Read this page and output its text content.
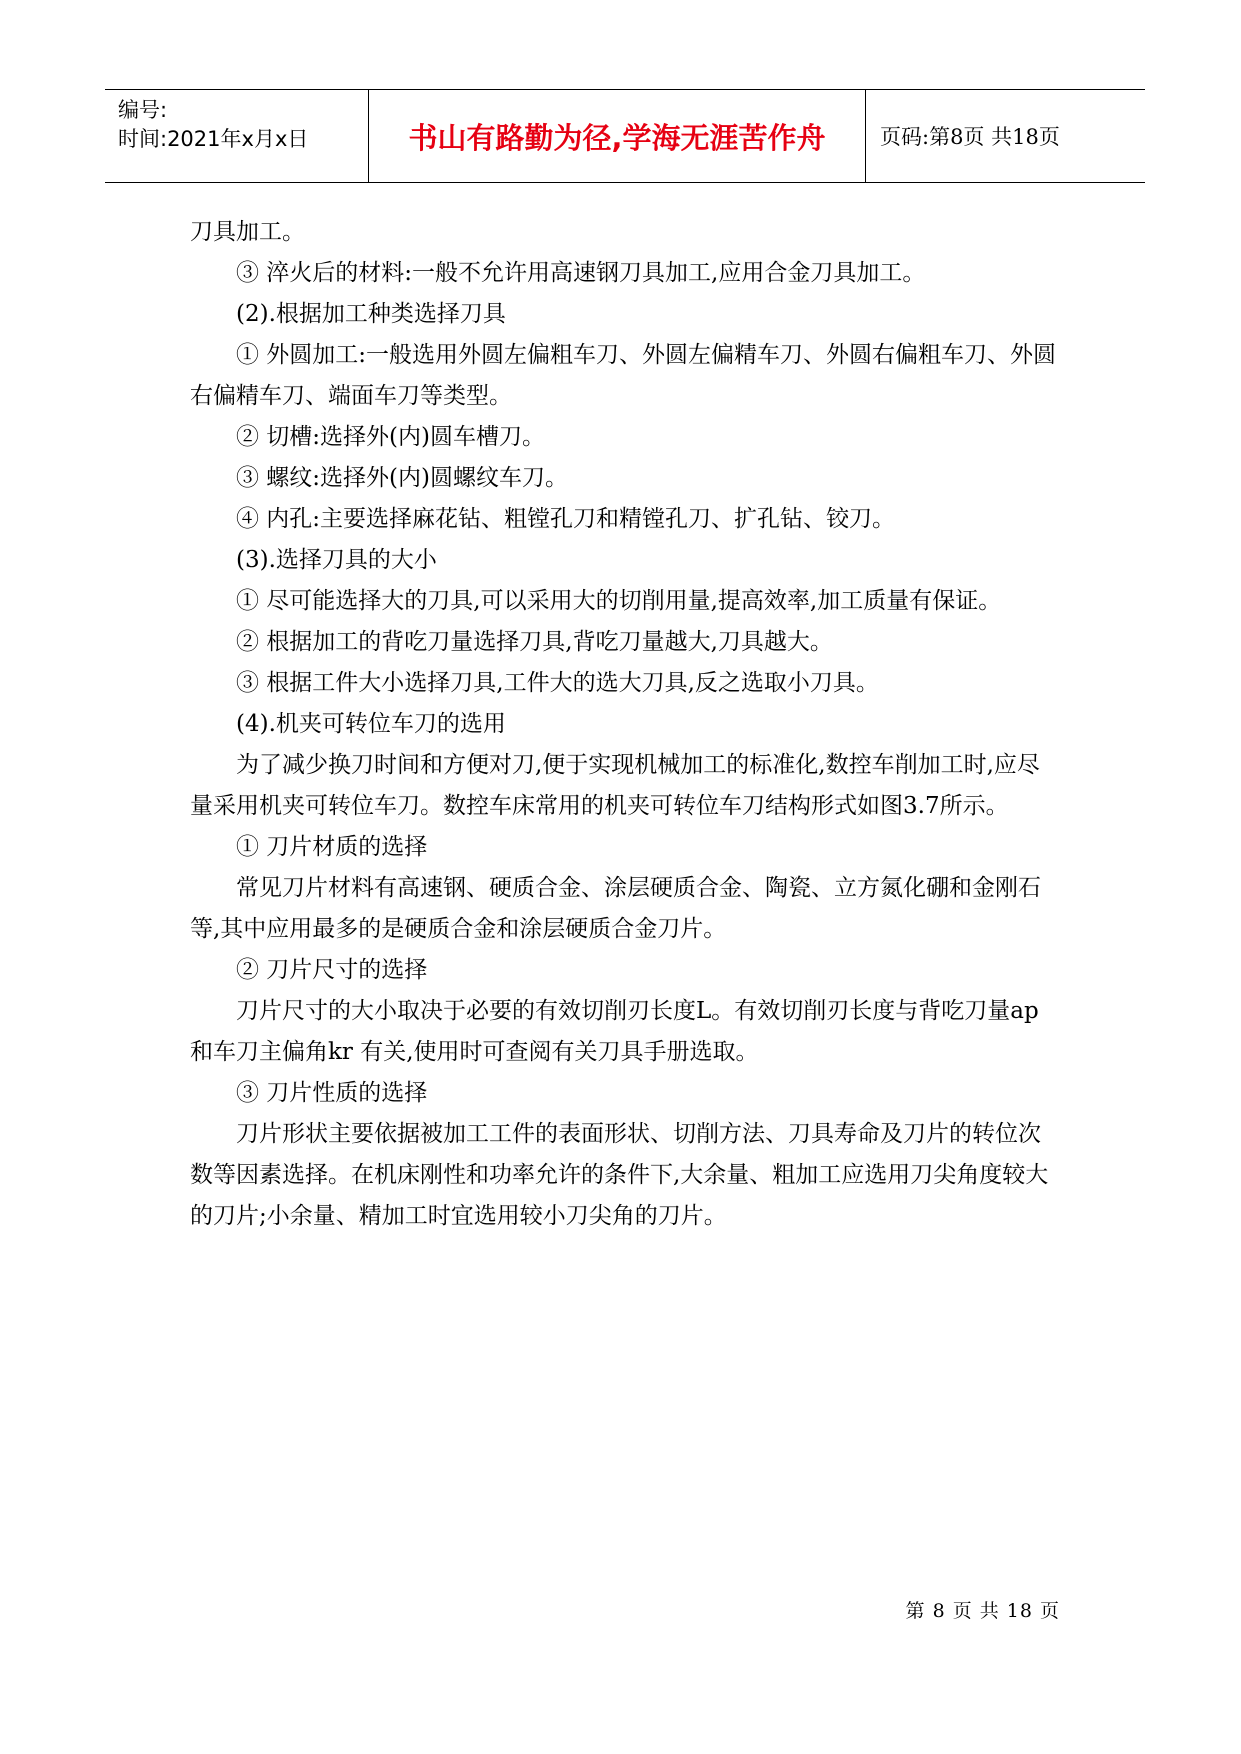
编号:
时间:2021年x月x日	书山有路勤为径,学海无涯苦作舟	页码:第8页 共18页

刀具加工。

③ 淬火后的材料:一般不允许用高速钢刀具加工,应用合金刀具加工。

(2).根据加工种类选择刀具

① 外圆加工:一般选用外圆左偏粗车刀、外圆左偏精车刀、外圆右偏粗车刀、外圆右偏精车刀、端面车刀等类型。

② 切槽:选择外(内)圆车槽刀。

③ 螺纹:选择外(内)圆螺纹车刀。

④ 内孔:主要选择麻花钻、粗镗孔刀和精镗孔刀、扩孔钻、铰刀。

(3).选择刀具的大小

① 尽可能选择大的刀具,可以采用大的切削用量,提高效率,加工质量有保证。

② 根据加工的背吃刀量选择刀具,背吃刀量越大,刀具越大。

③ 根据工件大小选择刀具,工件大的选大刀具,反之选取小刀具。

(4).机夹可转位车刀的选用

为了减少换刀时间和方便对刀,便于实现机械加工的标准化,数控车削加工时,应尽量采用机夹可转位车刀。数控车床常用的机夹可转位车刀结构形式如图3.7所示。

① 刀片材质的选择

常见刀片材料有高速钢、硬质合金、涂层硬质合金、陶瓷、立方氮化硼和金刚石等,其中应用最多的是硬质合金和涂层硬质合金刀片。

② 刀片尺寸的选择

刀片尺寸的大小取决于必要的有效切削刃长度L。有效切削刃长度与背吃刀量ap 和车刀主偏角kr 有关,使用时可查阅有关刀具手册选取。

③ 刀片性质的选择

刀片形状主要依据被加工工件的表面形状、切削方法、刀具寿命及刀片的转位次数等因素选择。在机床刚性和功率允许的条件下,大余量、粗加工应选用刀尖角度较大的刀片;小余量、精加工时宜选用较小刀尖角的刀片。

第 8 页 共 18 页
